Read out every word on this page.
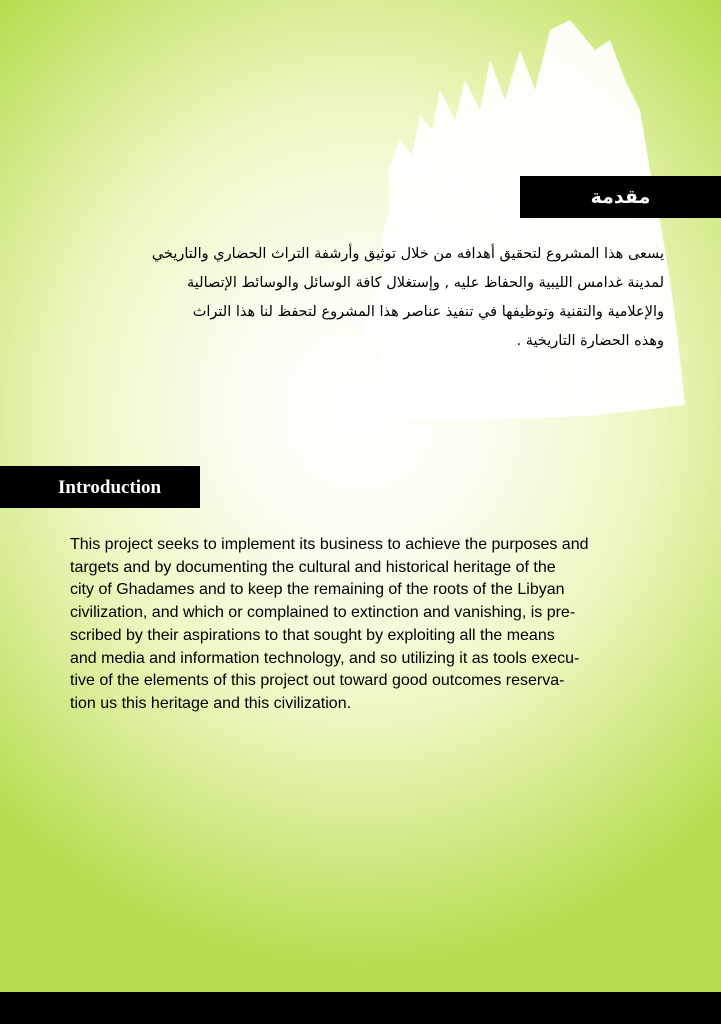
مقدمة

يسعى هذا المشروع لتحقيق أهدافه من خلال توثيق وأرشفة التراث الحضاري والتاريخي

لمدينة غدامس الليبية والحفاظ عليه , وإستغلال كافة الوسائل والوسائط الإتصالية

والإعلامية والتقنية وتوظيفها في تنفيذ عناصر هذا المشروع لتحفظ لنا هذا التراث

وهذه الحضارة التاريخية .

Introduction

This project seeks to implement its business to achieve the purposes and

targets and by documenting the cultural and historical heritage of the

city of Ghadames and to keep the remaining of the roots of the Libyan

civilization, and which or complained to extinction and vanishing, is pre-

scribed by their aspirations to that sought by exploiting all the means

and media and information technology, and so utilizing it as tools execu-

tive of the elements of this project out toward good outcomes reserva-

tion us this heritage and this civilization.
